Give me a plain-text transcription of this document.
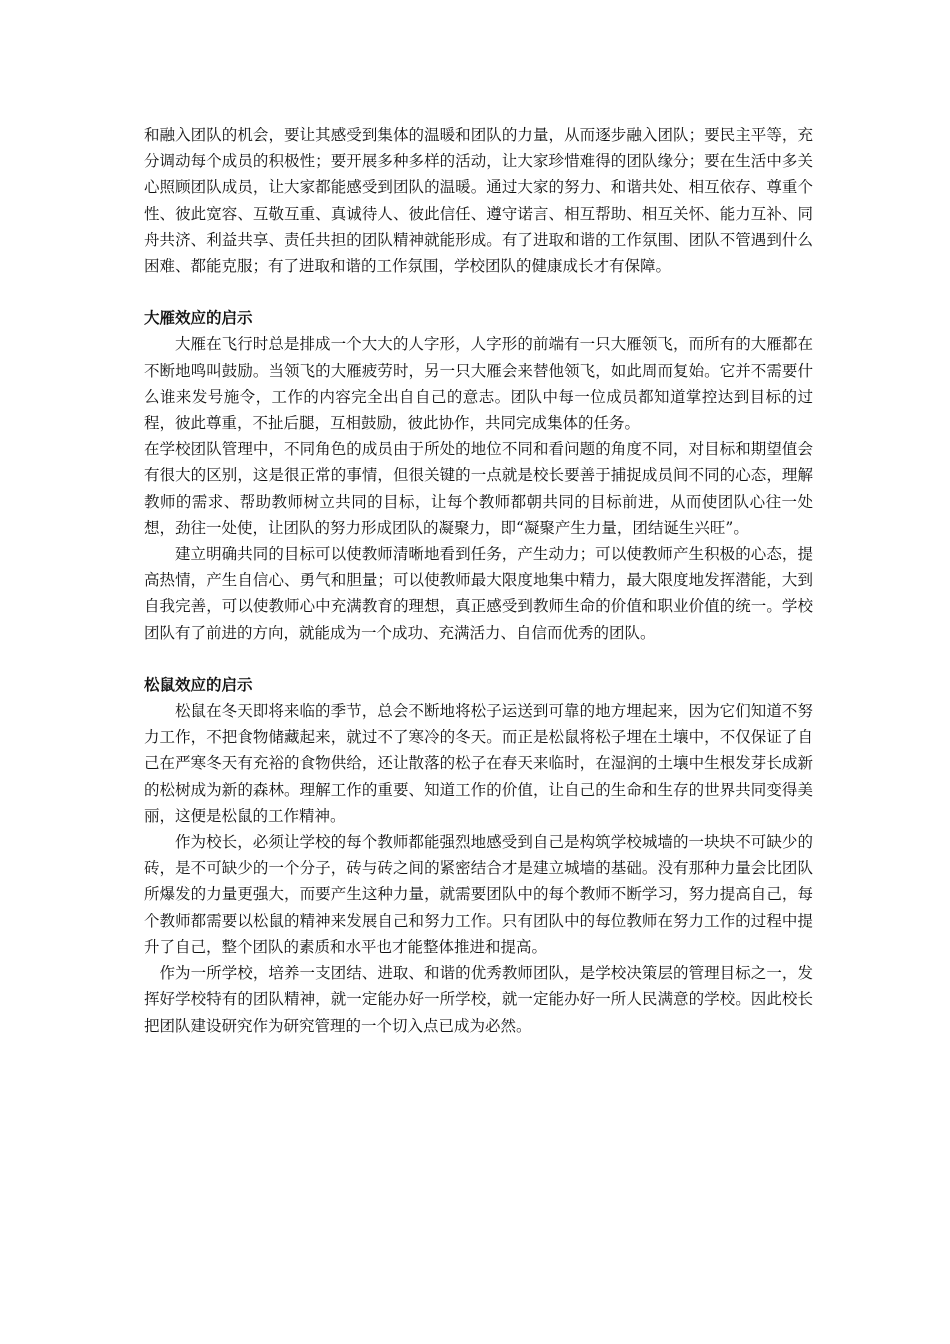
和融入团队的机会，要让其感受到集体的温暖和团队的力量，从而逐步融入团队；要民主平等，充分调动每个成员的积极性；要开展多种多样的活动，让大家珍惜难得的团队缘分；要在生活中多关心照顾团队成员，让大家都能感受到团队的温暖。通过大家的努力、和谐共处、相互依存、尊重个性、彼此宽容、互敬互重、真诚待人、彼此信任、遵守诺言、相互帮助、相互关怀、能力互补、同舟共济、利益共享、责任共担的团队精神就能形成。有了进取和谐的工作氛围、团队不管遇到什么困难、都能克服；有了进取和谐的工作氛围，学校团队的健康成长才有保障。

大雁效应的启示

大雁在飞行时总是排成一个大大的人字形，人字形的前端有一只大雁领飞，而所有的大雁都在不断地鸣叫鼓励。当领飞的大雁疲劳时，另一只大雁会来替他领飞，如此周而复始。它并不需要什么谁来发号施令，工作的内容完全出自自己的意志。团队中每一位成员都知道掌控达到目标的过程，彼此尊重，不扯后腿，互相鼓励，彼此协作，共同完成集体的任务。

在学校团队管理中，不同角色的成员由于所处的地位不同和看问题的角度不同，对目标和期望值会有很大的区别，这是很正常的事情，但很关键的一点就是校长要善于捕捉成员间不同的心态，理解教师的需求、帮助教师树立共同的目标，让每个教师都朝共同的目标前进，从而使团队心往一处想，劲往一处使，让团队的努力形成团队的凝聚力，即“凝聚产生力量，团结诞生兴旺”。

建立明确共同的目标可以使教师清晰地看到任务，产生动力；可以使教师产生积极的心态，提高热情，产生自信心、勇气和胆量；可以使教师最大限度地集中精力，最大限度地发挥潜能，大到自我完善，可以使教师心中充满教育的理想，真正感受到教师生命的价值和职业价值的统一。学校团队有了前进的方向，就能成为一个成功、充满活力、自信而优秀的团队。

松鼠效应的启示

松鼠在冬天即将来临的季节，总会不断地将松子运送到可靠的地方埋起来，因为它们知道不努力工作，不把食物储藏起来，就过不了寒冷的冬天。而正是松鼠将松子埋在土壤中，不仅保证了自己在严寒冬天有充裕的食物供给，还让散落的松子在春天来临时，在湿润的土壤中生根发芽长成新的松树成为新的森林。理解工作的重要、知道工作的价值，让自己的生命和生存的世界共同变得美丽，这便是松鼠的工作精神。

作为校长，必须让学校的每个教师都能强烈地感受到自己是构筑学校城墙的一块块不可缺少的砖，是不可缺少的一个分子，砖与砖之间的紧密结合才是建立城墙的基础。没有那种力量会比团队所爆发的力量更强大，而要产生这种力量，就需要团队中的每个教师不断学习，努力提高自己，每个教师都需要以松鼠的精神来发展自己和努力工作。只有团队中的每位教师在努力工作的过程中提升了自己，整个团队的素质和水平也才能整体推进和提高。

作为一所学校，培养一支团结、进取、和谐的优秀教师团队，是学校决策层的管理目标之一，发挥好学校特有的团队精神，就一定能办好一所学校，就一定能办好一所人民满意的学校。因此校长把团队建设研究作为研究管理的一个切入点已成为必然。
